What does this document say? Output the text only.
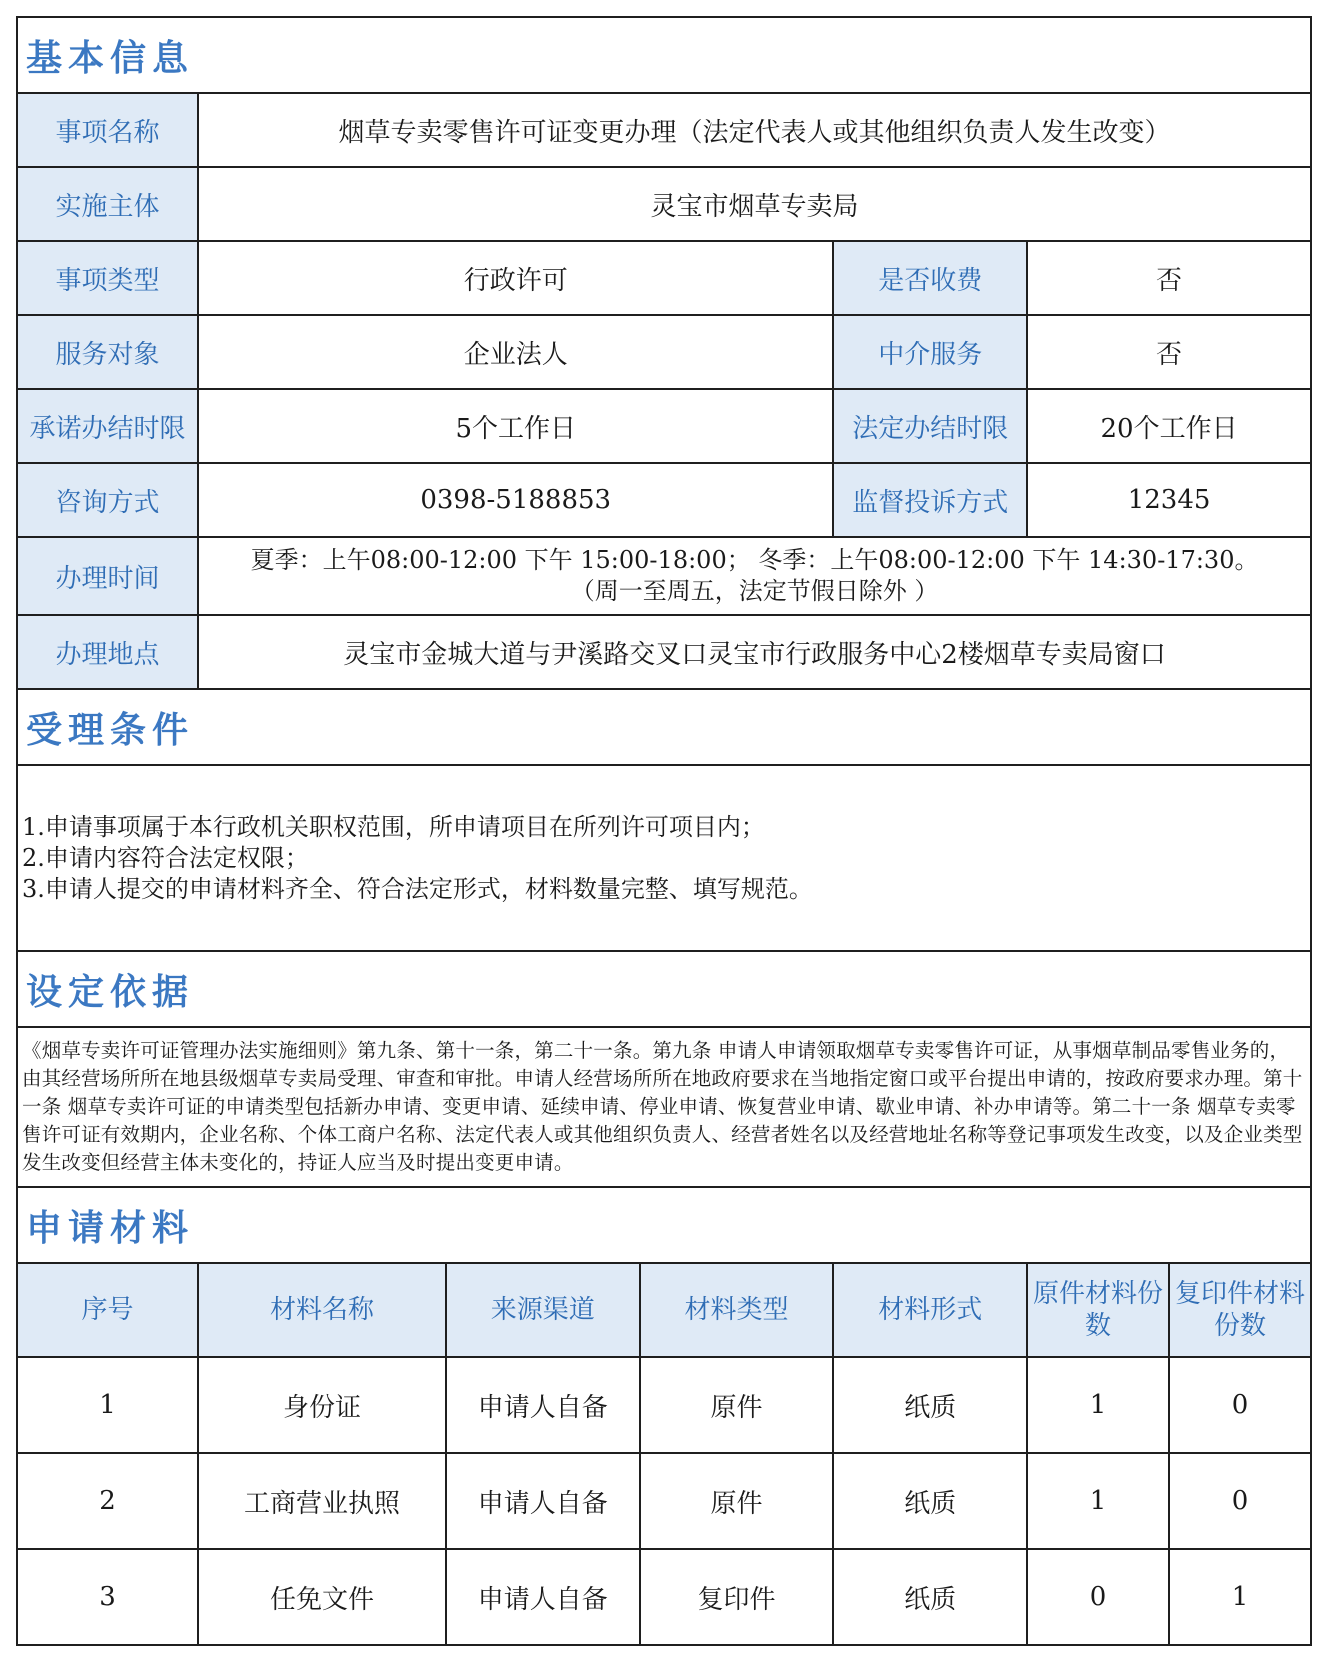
基本信息						
事项名称	烟草专卖零售许可证变更办理（法定代表人或其他组织负责人发生改变）					
实施主体	灵宝市烟草专卖局					
事项类型	行政许可			是否收费	否	
服务对象	企业法人			中介服务	否	
承诺办结时限	5个工作日			法定办结时限	20个工作日	
咨询方式	0398-5188853			监督投诉方式	12345	
办理时间	夏季：上午08:00-12:00 下午 15:00-18:00； 冬季：上午08:00-12:00 下午 14:30-17:30。
（周一至周五，法定节假日除外 ）					

办理地点	灵宝市金城大道与尹溪路交叉口灵宝市行政服务中心2楼烟草专卖局窗口					
受理条件						

1.申请事项属于本行政机关职权范围，所申请项目在所列许可项目内；
2.申请内容符合法定权限；
3.申请人提交的申请材料齐全、符合法定形式，材料数量完整、填写规范。						

设定依据						
《烟草专卖许可证管理办法实施细则》第九条、第十一条，第二十一条。第九条 申请人申请领取烟草专卖零售许可证，从事烟草制品零售业务的，由其经营场所所在地县级烟草专卖局受理、审查和审批。申请人经营场所所在地政府要求在当地指定窗口或平台提出申请的，按政府要求办理。第十一条 烟草专卖许可证的申请类型包括新办申请、变更申请、延续申请、停业申请、恢复营业申请、歇业申请、补办申请等。第二十一条 烟草专卖零售许可证有效期内，企业名称、个体工商户名称、法定代表人或其他组织负责人、经营者姓名以及经营地址名称等登记事项发生改变，以及企业类型发生改变但经营主体未变化的，持证人应当及时提出变更申请。						
申请材料						
序号	材料名称	来源渠道	材料类型	材料形式	原件材料份数	复印件材料份数
1	身份证	申请人自备	原件	纸质	1	0
2	工商营业执照	申请人自备	原件	纸质	1	0
3	任免文件	申请人自备	复印件	纸质	0	1
